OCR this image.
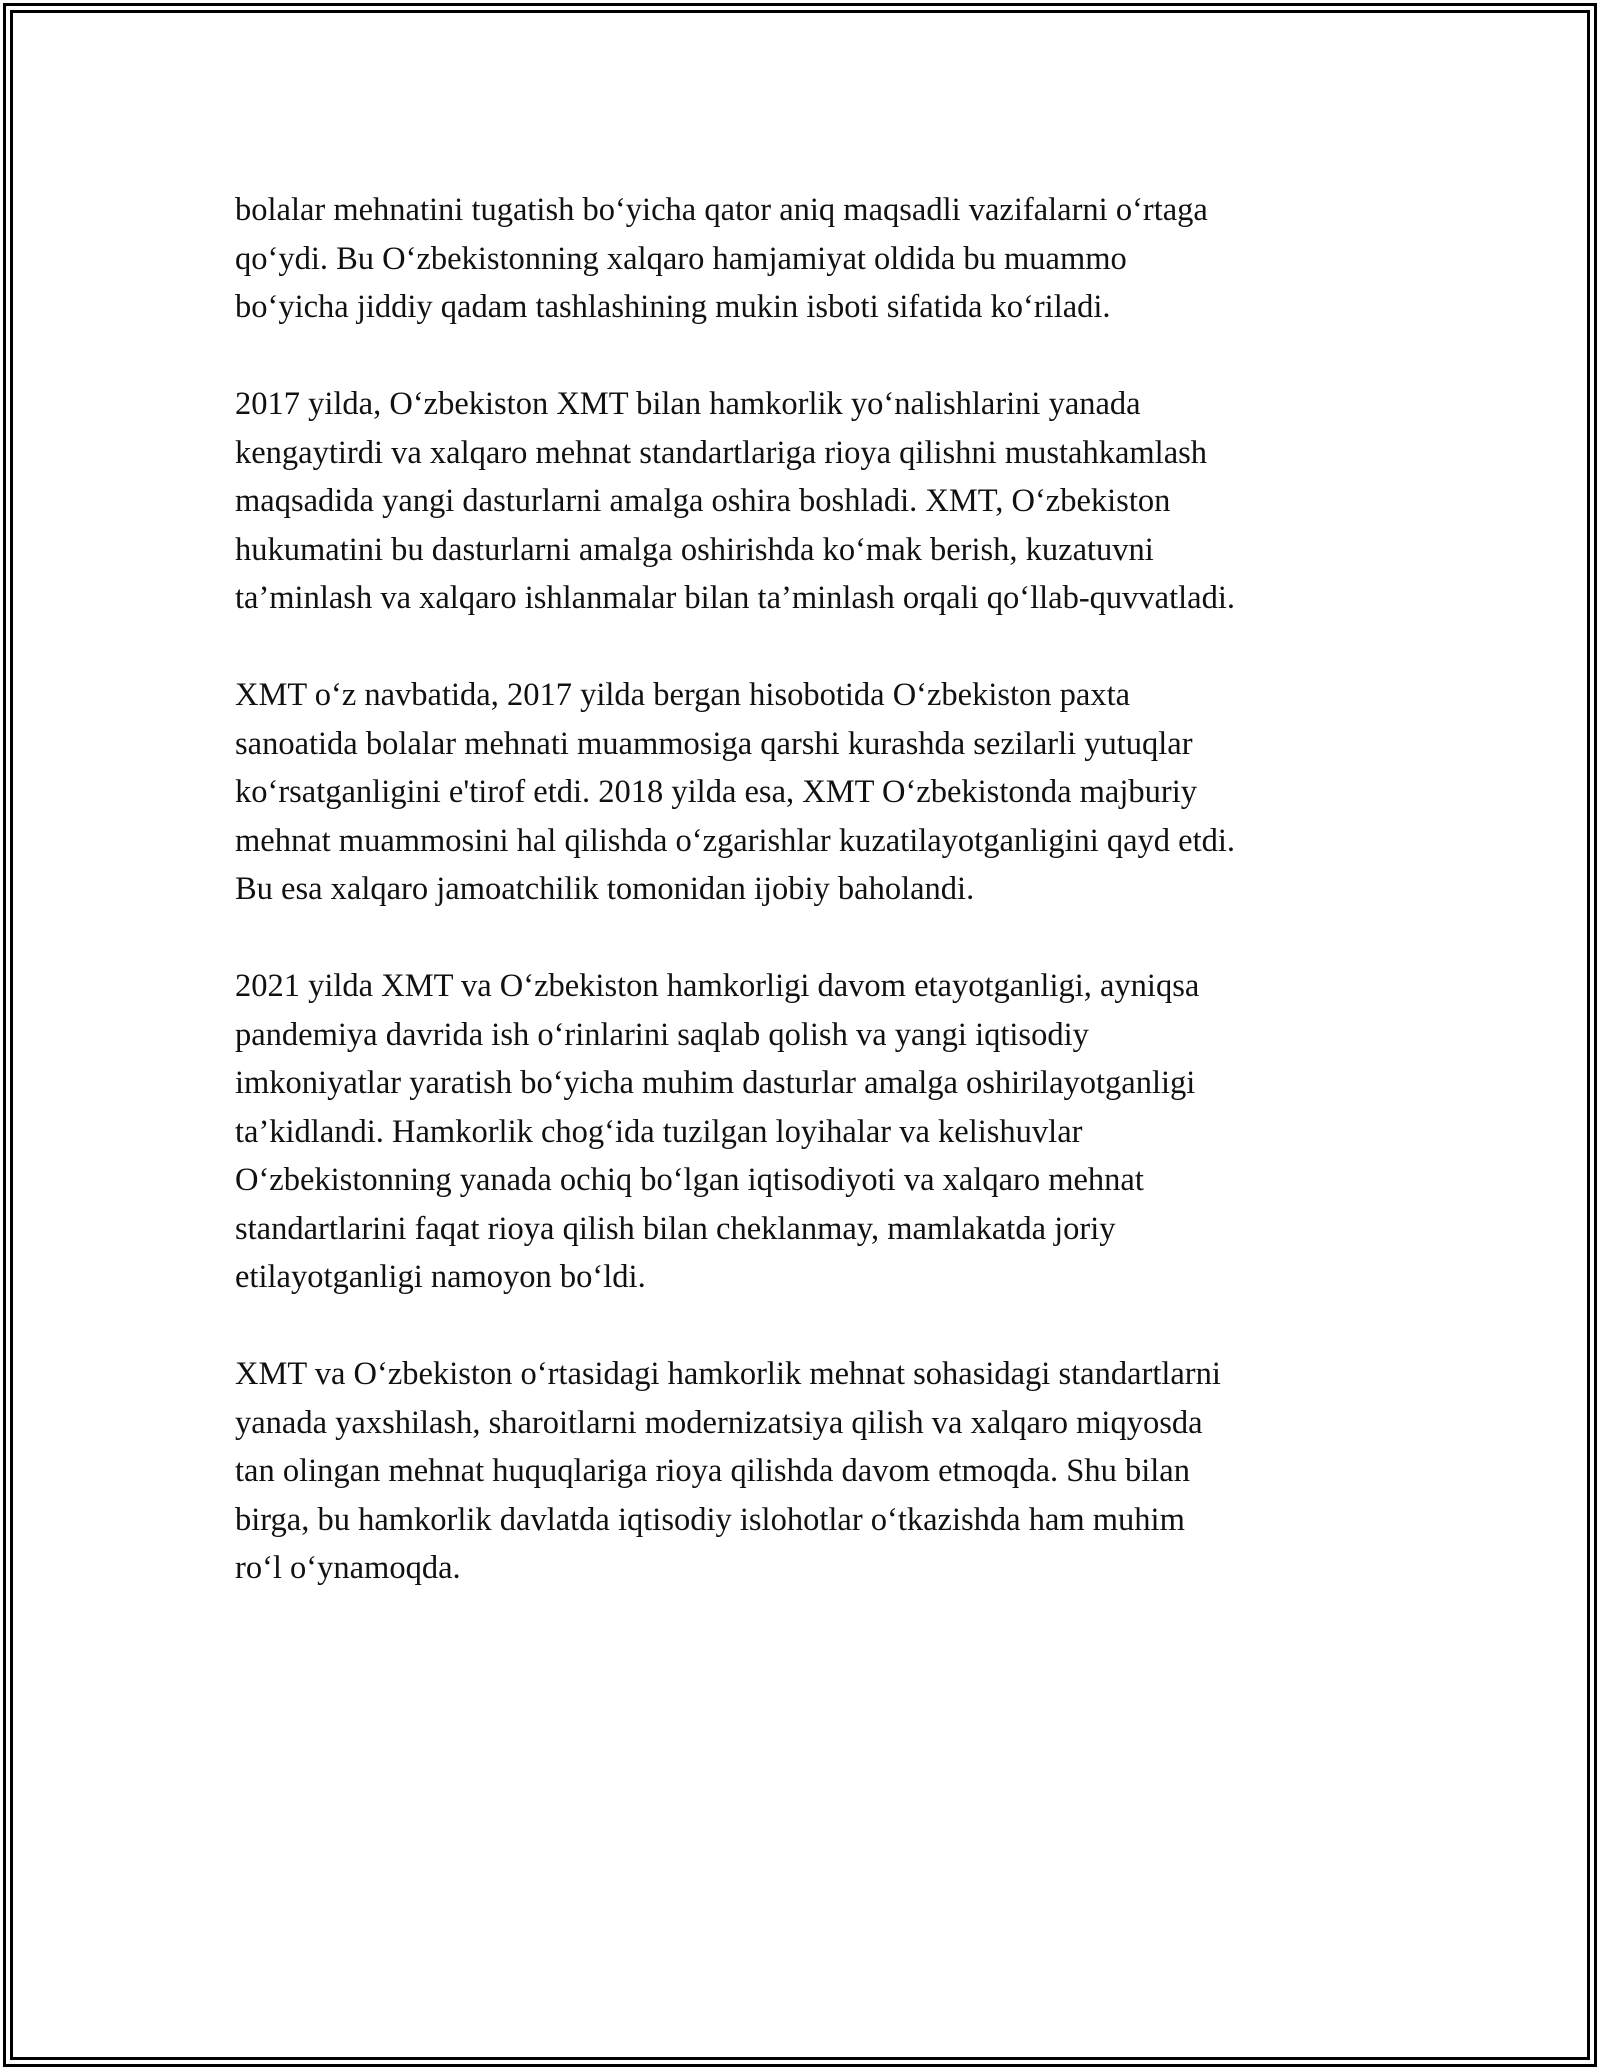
bolalar mehnatini tugatish bo‘yicha qator aniq maqsadli vazifalarni o‘rtaga
qo‘ydi. Bu O‘zbekistonning xalqaro hamjamiyat oldida bu muammo
bo‘yicha jiddiy qadam tashlashining mukin isboti sifatida ko‘riladi.

2017 yilda, O‘zbekiston XMT bilan hamkorlik yo‘nalishlarini yanada
kengaytirdi va xalqaro mehnat standartlariga rioya qilishni mustahkamlash
maqsadida yangi dasturlarni amalga oshira boshladi. XMT, O‘zbekiston
hukumatini bu dasturlarni amalga oshirishda ko‘mak berish, kuzatuvni
ta’minlash va xalqaro ishlanmalar bilan ta’minlash orqali qo‘llab-quvvatladi.

XMT o‘z navbatida, 2017 yilda bergan hisobotida O‘zbekiston paxta
sanoatida bolalar mehnati muammosiga qarshi kurashda sezilarli yutuqlar
ko‘rsatganligini e'tirof etdi. 2018 yilda esa, XMT O‘zbekistonda majburiy
mehnat muammosini hal qilishda o‘zgarishlar kuzatilayotganligini qayd etdi.
Bu esa xalqaro jamoatchilik tomonidan ijobiy baholandi.

2021 yilda XMT va O‘zbekiston hamkorligi davom etayotganligi, ayniqsa
pandemiya davrida ish o‘rinlarini saqlab qolish va yangi iqtisodiy
imkoniyatlar yaratish bo‘yicha muhim dasturlar amalga oshirilayotganligi
ta’kidlandi. Hamkorlik chog‘ida tuzilgan loyihalar va kelishuvlar
O‘zbekistonning yanada ochiq bo‘lgan iqtisodiyoti va xalqaro mehnat
standartlarini faqat rioya qilish bilan cheklanmay, mamlakatda joriy
etilayotganligi namoyon bo‘ldi.

XMT va O‘zbekiston o‘rtasidagi hamkorlik mehnat sohasidagi standartlarni
yanada yaxshilash, sharoitlarni modernizatsiya qilish va xalqaro miqyosda
tan olingan mehnat huquqlariga rioya qilishda davom etmoqda. Shu bilan
birga, bu hamkorlik davlatda iqtisodiy islohotlar o‘tkazishda ham muhim
ro‘l o‘ynamoqda.
